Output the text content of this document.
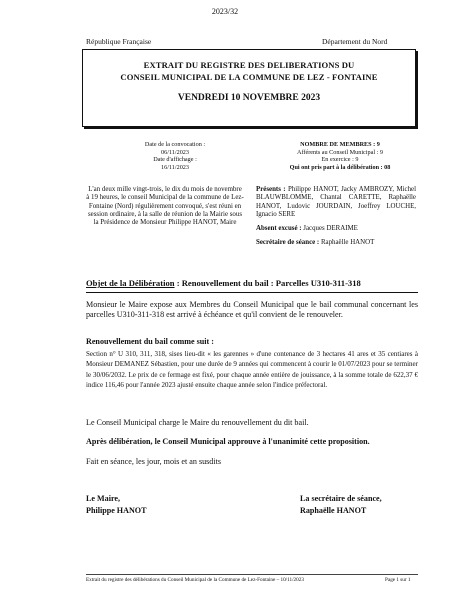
2023/32
République Française	Département du Nord
EXTRAIT DU REGISTRE DES DELIBERATIONS DU
CONSEIL MUNICIPAL DE LA COMMUNE DE LEZ - FONTAINE
VENDREDI 10 NOVEMBRE 2023
Date de la convocation :
06/11/2023
Date d'affichage :
16/11/2023
NOMBRE DE MEMBRES : 9
Afférents au Conseil Municipal : 9
En exercice : 9
Qui ont pris part à la délibération : 08
L'an deux mille vingt-trois, le dix du mois de novembre à 19 heures, le conseil Municipal de la commune de Lez-Fontaine (Nord) régulièrement convoqué, s'est réuni en session ordinaire, à la salle de réunion de la Mairie sous la Présidence de Monsieur Philippe HANOT, Maire

Présents : Philippe HANOT, Jacky AMBROZY, Michel BLAUWBLOMME, Chantal CARETTE, Raphaëlle HANOT, Ludovic JOURDAIN, Joeffrey LOUCHE, Ignacio SERE

Absent excusé : Jacques DERAIME

Secrétaire de séance : Raphaëlle HANOT

Objet de la Délibération : Renouvellement du bail : Parcelles U310-311-318

Monsieur le Maire expose aux Membres du Conseil Municipal que le bail communal concernant les parcelles U310-311-318 est arrivé à échéance et qu'il convient de le renouveler.

Renouvellement du bail comme suit :

Section n° U 310, 311, 318, sises lieu-dit « les garennes » d'une contenance de 3 hectares 41 ares et 35 centiares à Monsieur DEMANEZ Sébastien, pour une durée de 9 années qui commencent à courir le 01/07/2023 pour se terminer le 30/06/2032. Le prix de ce fermage est fixé, pour chaque année entière de jouissance, à la somme totale de 622,37 € indice 116,46 pour l'année 2023 ajusté ensuite chaque année selon l'indice préfectoral.

Le Conseil Municipal charge le Maire du renouvellement du dit bail.

Après délibération, le Conseil Municipal approuve à l'unanimité cette proposition.

Fait en séance, les jour, mois et an susdits

Le Maire,
Philippe HANOT
La secrétaire de séance,
Raphaëlle HANOT
Extrait du registre des délibérations du Conseil Municipal de la Commune de Lez-Fontaine – 10/11/2023	Page 1 sur 1
